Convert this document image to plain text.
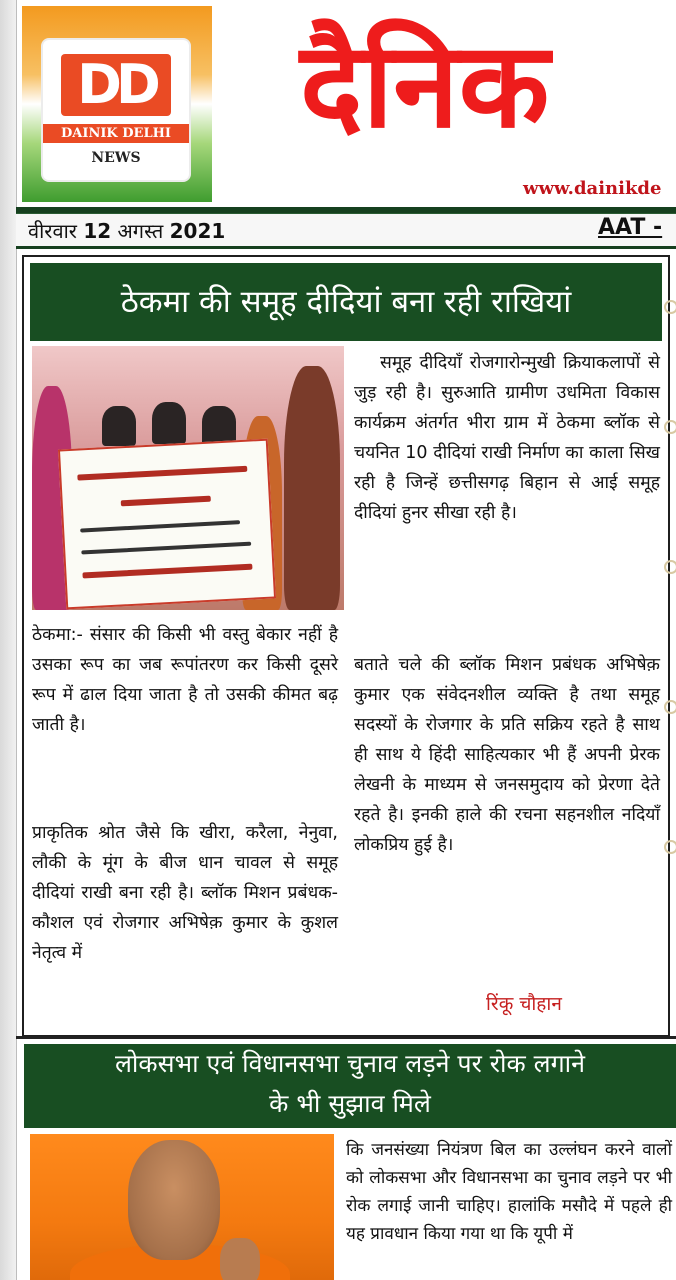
DD
DAINIK DELHI
NEWS
दैनिक
www.dainikde
वीरवार 12 अगस्त 2021	AAT -
ठेकमा की समूह दीदियां बना रही राखियां
समूह दीदियाँ रोजगारोन्मुखी क्रियाकलापों से जुड़ रही है। सुरुआति ग्रामीण उधमिता विकास कार्यक्रम अंतर्गत भीरा ग्राम में ठेकमा ब्लॉक से चयनित 10 दीदियां राखी निर्माण का काला सिख रही है जिन्हें छत्तीसगढ़ बिहान से आई समूह दीदियां हुनर सीखा रही है।
ठेकमा:- संसार की किसी भी वस्तु बेकार नहीं है उसका रूप का जब रूपांतरण कर किसी दूसरे रूप में ढाल दिया जाता है तो उसकी कीमत बढ़ जाती है।
प्राकृतिक श्रोत जैसे कि खीरा, करैला, नेनुवा, लौकी के मूंग के बीज धान चावल से समूह दीदियां राखी बना रही है। ब्लॉक मिशन प्रबंधक- कौशल एवं रोजगार अभिषेक़ कुमार के कुशल नेतृत्व में
बताते चले की ब्लॉक मिशन प्रबंधक अभिषेक़ कुमार एक संवेदनशील व्यक्ति है तथा समूह सदस्यों के रोजगार के प्रति सक्रिय रहते है साथ ही साथ ये हिंदी साहित्यकार भी हैं अपनी प्रेरक लेखनी के माध्यम से जनसमुदाय को प्रेरणा देते रहते है। इनकी हाले की रचना सहनशील नदियाँ लोकप्रिय हुई है।
रिंकू चौहान
लोकसभा एवं विधानसभा चुनाव लड़ने पर रोक लगाने
के भी सुझाव मिले
कि जनसंख्या नियंत्रण बिल का उल्लंघन करने वालों को लोकसभा और विधानसभा का चुनाव लड़ने पर भी रोक लगाई जानी चाहिए। हालांकि मसौदे में पहले ही यह प्रावधान किया गया था कि यूपी में
